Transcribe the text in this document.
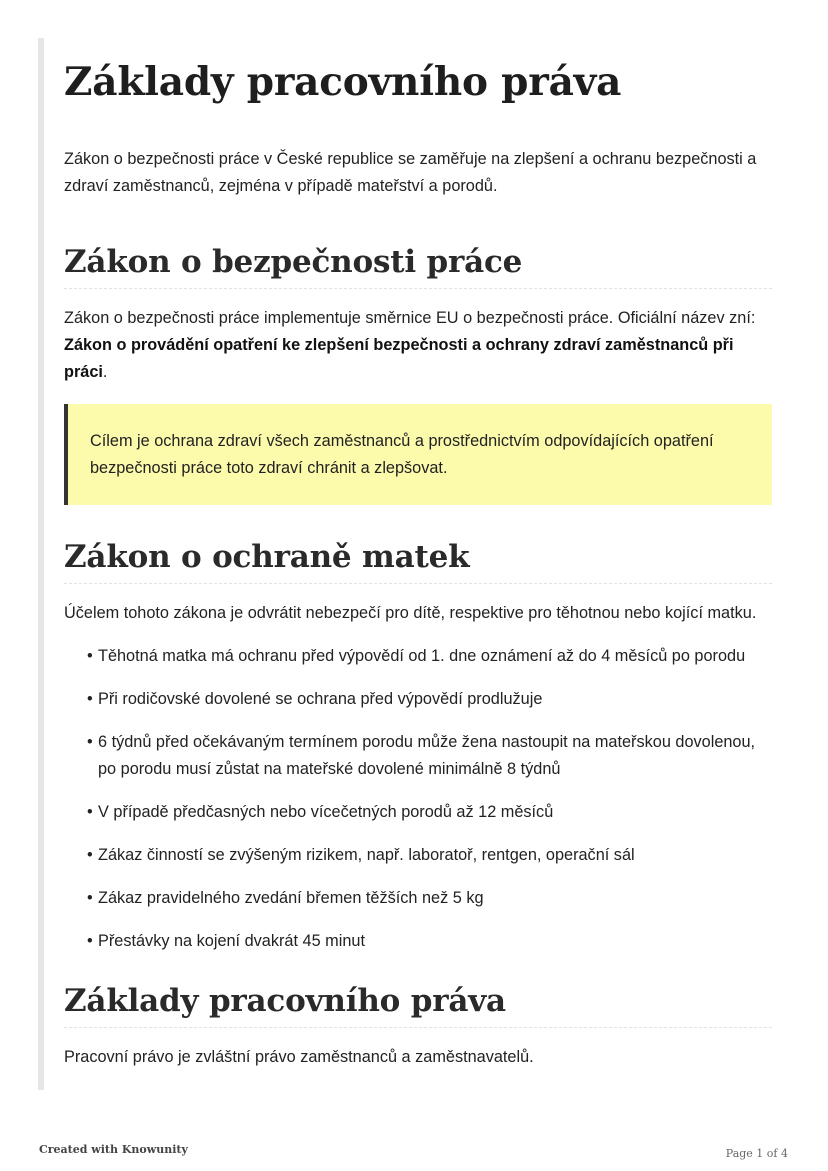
Základy pracovního práva

Zákon o bezpečnosti práce v České republice se zaměřuje na zlepšení a ochranu bezpečnosti a zdraví zaměstnanců, zejména v případě mateřství a porodů.

Zákon o bezpečnosti práce

Zákon o bezpečnosti práce implementuje směrnice EU o bezpečnosti práce. Oficiální název zní: Zákon o provádění opatření ke zlepšení bezpečnosti a ochrany zdraví zaměstnanců při práci.

Cílem je ochrana zdraví všech zaměstnanců a prostřednictvím odpovídajících opatření bezpečnosti práce toto zdraví chránit a zlepšovat.

Zákon o ochraně matek

Účelem tohoto zákona je odvrátit nebezpečí pro dítě, respektive pro těhotnou nebo kojící matku.

• Těhotná matka má ochranu před výpovědí od 1. dne oznámení až do 4 měsíců po porodu
• Při rodičovské dovolené se ochrana před výpovědí prodlužuje
• 6 týdnů před očekávaným termínem porodu může žena nastoupit na mateřskou dovolenou, po porodu musí zůstat na mateřské dovolené minimálně 8 týdnů
• V případě předčasných nebo vícečetných porodů až 12 měsíců
• Zákaz činností se zvýšeným rizikem, např. laboratoř, rentgen, operační sál
• Zákaz pravidelného zvedání břemen těžších než 5 kg
• Přestávky na kojení dvakrát 45 minut
Základy pracovního práva

Pracovní právo je zvláštní právo zaměstnanců a zaměstnavatelů.

Created with Knowunity	Page 1 of 4
